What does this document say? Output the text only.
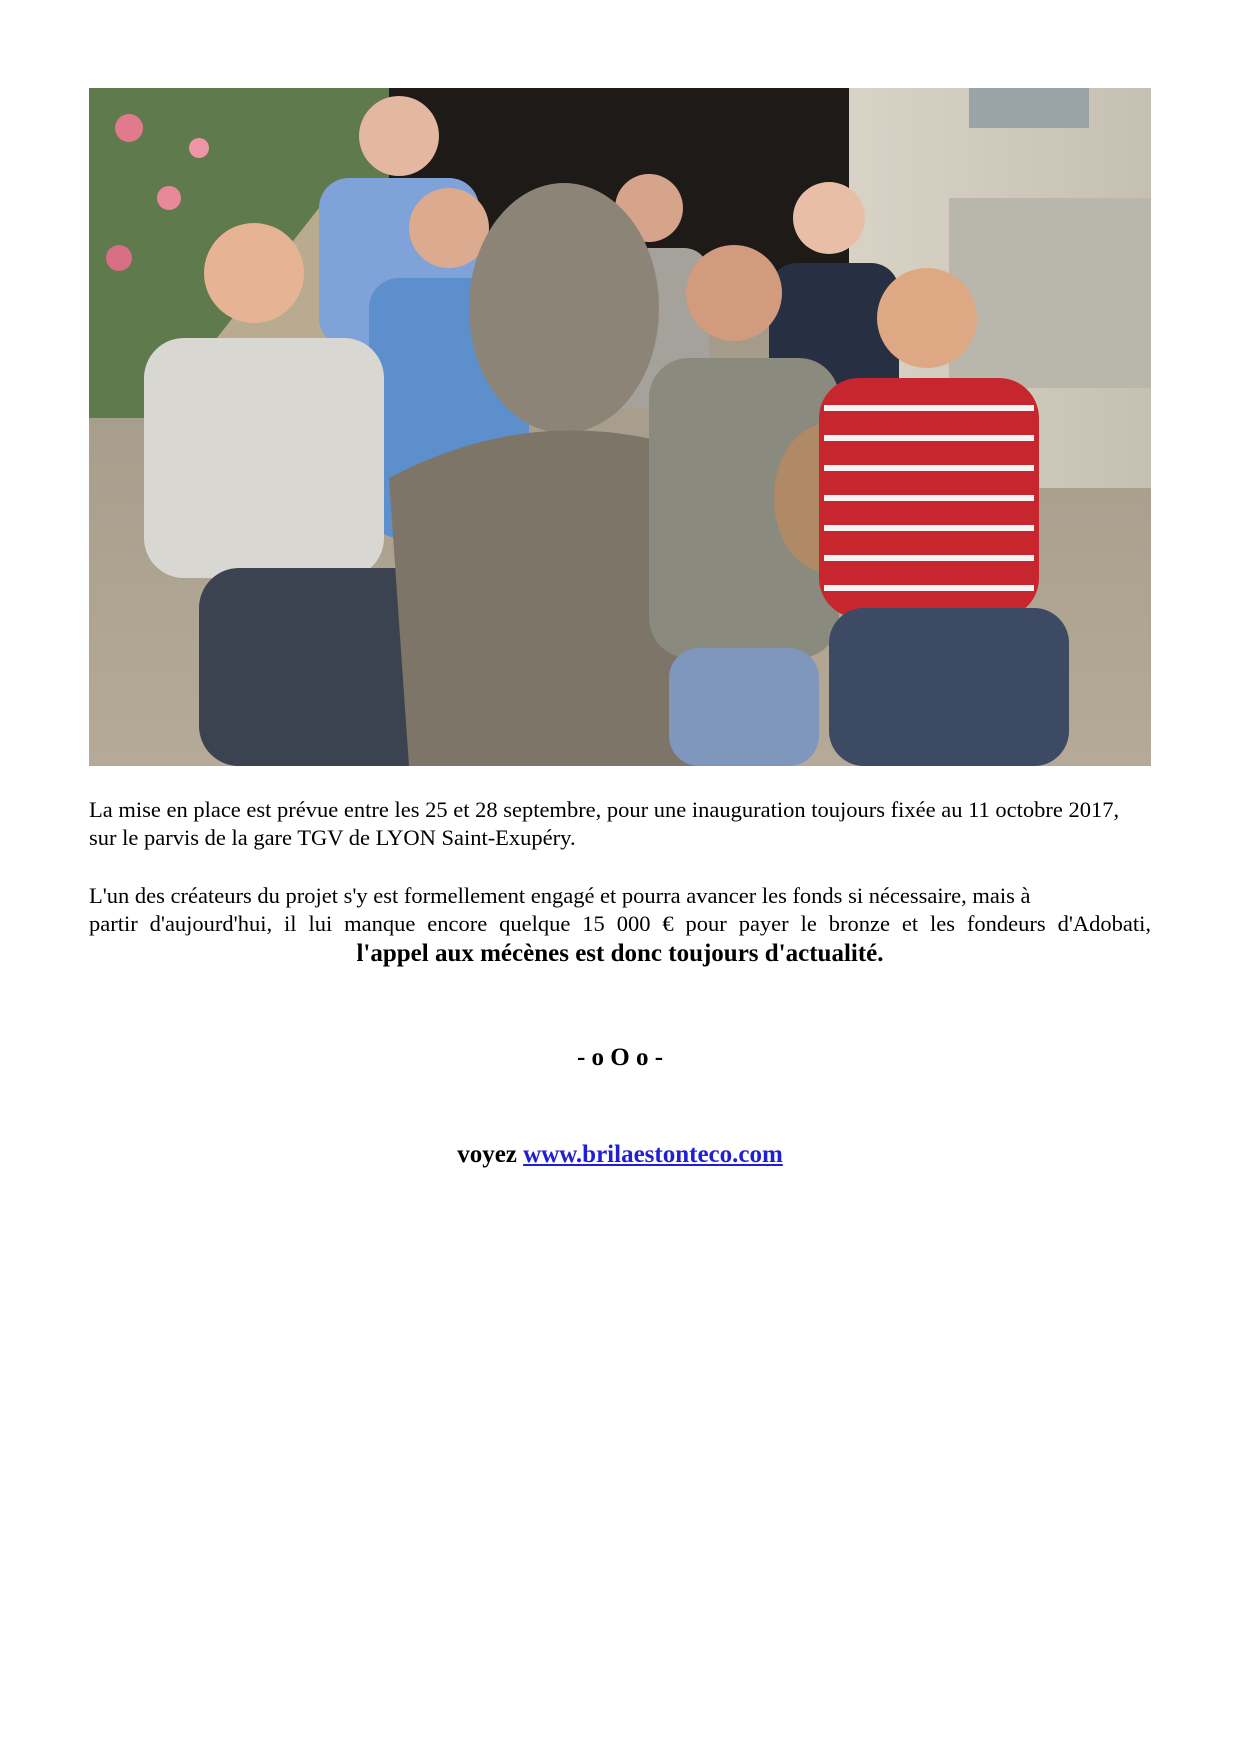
La mise en place est prévue entre les 25 et 28 septembre, pour une inauguration toujours fixée au 11 octobre 2017, sur le parvis de la gare TGV de LYON Saint-Exupéry.

L'un des créateurs du projet s'y est formellement engagé et pourra avancer les fonds si nécessaire, mais à
partir d'aujourd'hui, il lui manque encore quelque 15 000 € pour payer le bronze et les fondeurs d'Adobati,

l'appel aux mécènes est donc toujours d'actualité.
- o O o -
voyez www.brilaestonteco.com
